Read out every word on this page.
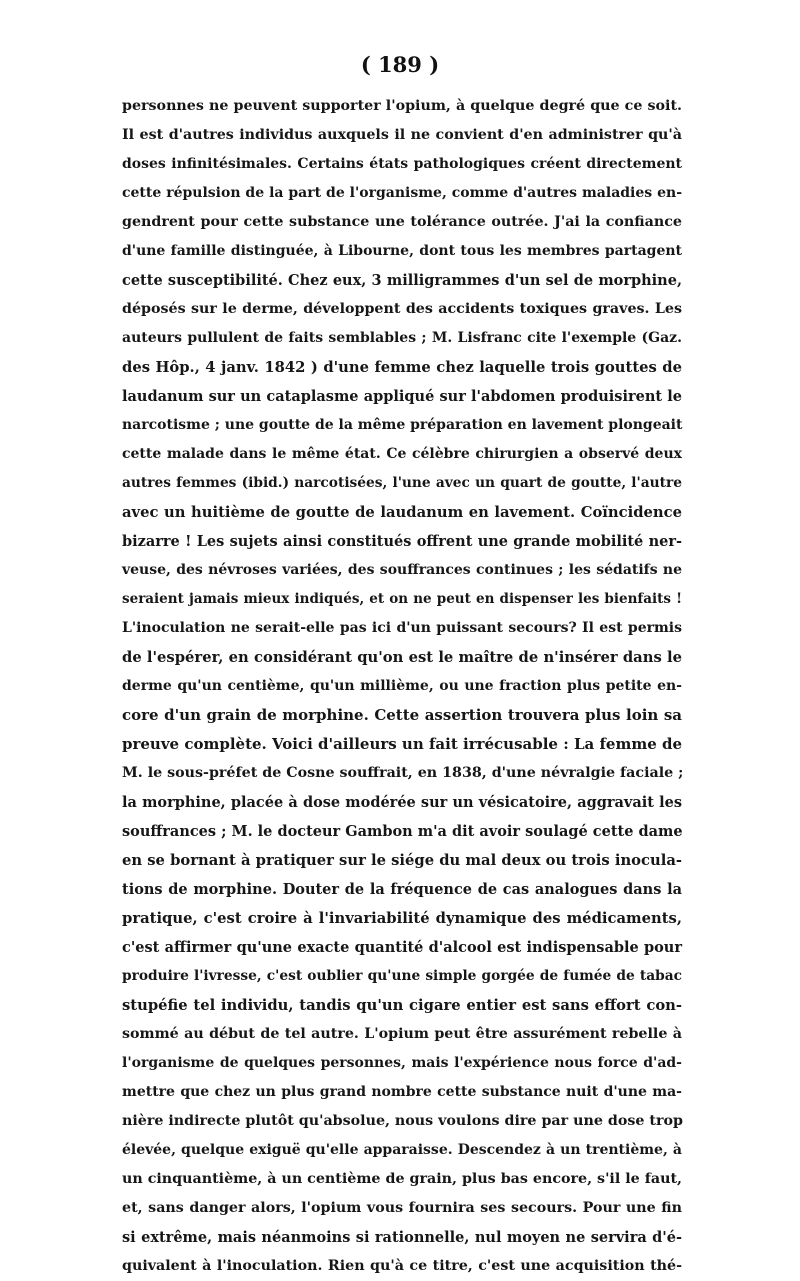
( 189 )
personnes ne peuvent supporter l'opium, à quelque degré que ce soit.
Il est d'autres individus auxquels il ne convient d'en administrer qu'à
doses infinitésimales. Certains états pathologiques créent directement
cette répulsion de la part de l'organisme, comme d'autres maladies en-
gendrent pour cette substance une tolérance outrée. J'ai la confiance
d'une famille distinguée, à Libourne, dont tous les membres partagent
cette susceptibilité. Chez eux, 3 milligrammes d'un sel de morphine,
déposés sur le derme, développent des accidents toxiques graves. Les
auteurs pullulent de faits semblables ; M. Lisfranc cite l'exemple (Gaz.
des Hôp., 4 janv. 1842 ) d'une femme chez laquelle trois gouttes de
laudanum sur un cataplasme appliqué sur l'abdomen produisirent le
narcotisme ; une goutte de la même préparation en lavement plongeait
cette malade dans le même état. Ce célèbre chirurgien a observé deux
autres femmes (ibid.) narcotisées, l'une avec un quart de goutte, l'autre
avec un huitième de goutte de laudanum en lavement. Coïncidence
bizarre ! Les sujets ainsi constitués offrent une grande mobilité ner-
veuse, des névroses variées, des souffrances continues ; les sédatifs ne
seraient jamais mieux indiqués, et on ne peut en dispenser les bienfaits !
L'inoculation ne serait-elle pas ici d'un puissant secours? Il est permis
de l'espérer, en considérant qu'on est le maître de n'insérer dans le
derme qu'un centième, qu'un millième, ou une fraction plus petite en-
core d'un grain de morphine. Cette assertion trouvera plus loin sa
preuve complète. Voici d'ailleurs un fait irrécusable : La femme de
M. le sous-préfet de Cosne souffrait, en 1838, d'une névralgie faciale ;
la morphine, placée à dose modérée sur un vésicatoire, aggravait les
souffrances ; M. le docteur Gambon m'a dit avoir soulagé cette dame
en se bornant à pratiquer sur le siége du mal deux ou trois inocula-
tions de morphine. Douter de la fréquence de cas analogues dans la
pratique, c'est croire à l'invariabilité dynamique des médicaments,
c'est affirmer qu'une exacte quantité d'alcool est indispensable pour
produire l'ivresse, c'est oublier qu'une simple gorgée de fumée de tabac
stupéfie tel individu, tandis qu'un cigare entier est sans effort con-
sommé au début de tel autre. L'opium peut être assurément rebelle à
l'organisme de quelques personnes, mais l'expérience nous force d'ad-
mettre que chez un plus grand nombre cette substance nuit d'une ma-
nière indirecte plutôt qu'absolue, nous voulons dire par une dose trop
élevée, quelque exiguë qu'elle apparaisse. Descendez à un trentième, à
un cinquantième, à un centième de grain, plus bas encore, s'il le faut,
et, sans danger alors, l'opium vous fournira ses secours. Pour une fin
si extrême, mais néanmoins si rationnelle, nul moyen ne servira d'é-
quivalent à l'inoculation. Rien qu'à ce titre, c'est une acquisition thé-
